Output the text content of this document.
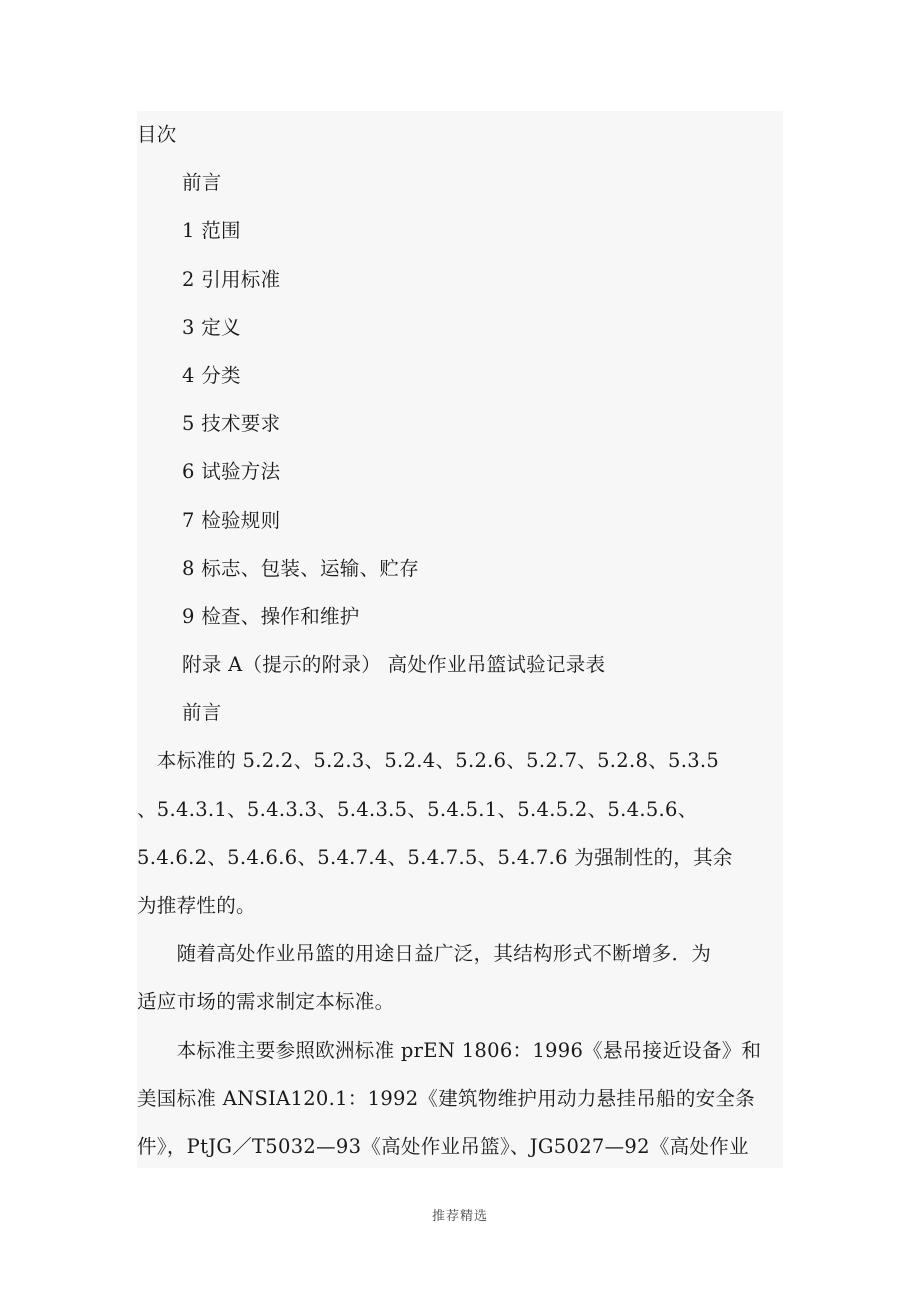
目次
前言
1 范围
2 引用标准
3 定义
4 分类
5 技术要求
6 试验方法
7 检验规则
8 标志、包装、运输、贮存
9 检查、操作和维护
附录 A（提示的附录） 高处作业吊篮试验记录表
前言
　本标准的 5.2.2、5.2.3、5.2.4、5.2.6、5.2.7、5.2.8、5.3.5
、5.4.3.1、5.4.3.3、5.4.3.5、5.4.5.1、5.4.5.2、5.4.5.6、
5.4.6.2、5.4.6.6、5.4.7.4、5.4.7.5、5.4.7.6 为强制性的，其余
为推荐性的。
　　随着高处作业吊篮的用途日益广泛，其结构形式不断增多．为
适应市场的需求制定本标准。
　　本标准主要参照欧洲标准 prEN 1806：1996《悬吊接近设备》和
美国标准 ANSIA120.1：1992《建筑物维护用动力悬挂吊船的安全条
件》，PtJG／T5032—93《高处作业吊篮》、JG5027—92《高处作业
推荐精选
